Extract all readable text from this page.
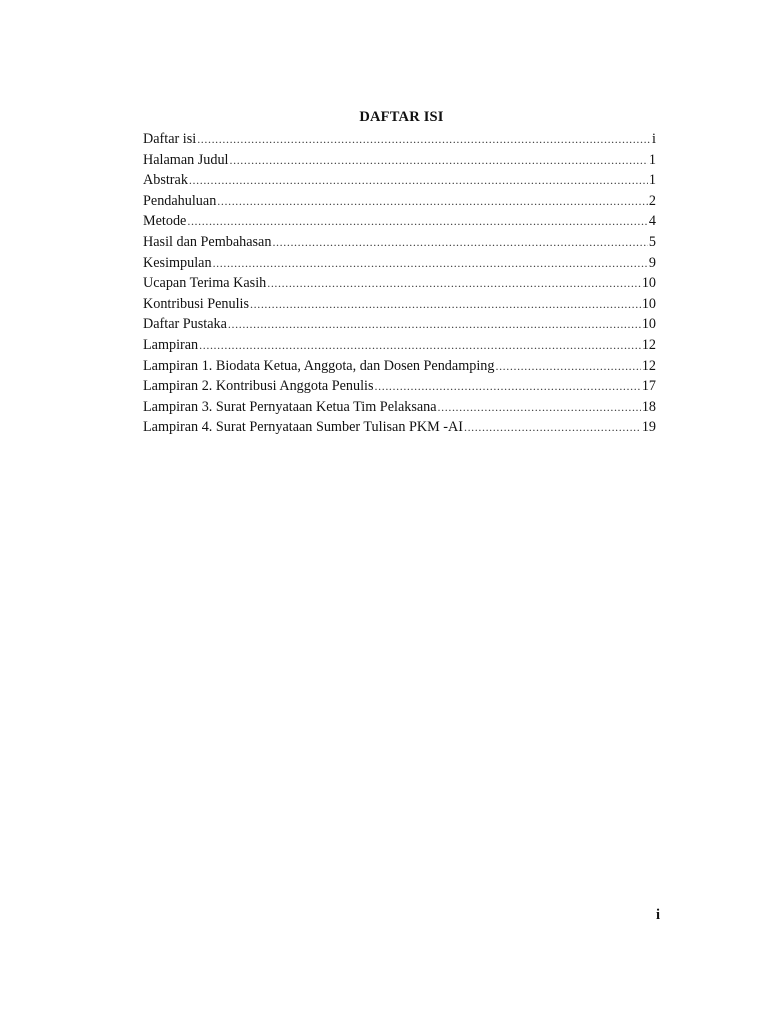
DAFTAR ISI
Daftar isi .....	i
Halaman Judul .....	1
Abstrak .....	1
Pendahuluan .....	2
Metode .....	4
Hasil dan Pembahasan .....	5
Kesimpulan .....	9
Ucapan Terima Kasih .....	10
Kontribusi Penulis .....	10
Daftar Pustaka .....	10
Lampiran .....	12
Lampiran 1. Biodata Ketua, Anggota, dan Dosen Pendamping .....	12
Lampiran 2. Kontribusi Anggota Penulis .....	17
Lampiran 3. Surat Pernyataan Ketua Tim Pelaksana .....	18
Lampiran 4. Surat Pernyataan Sumber Tulisan PKM -AI .....	19
i
